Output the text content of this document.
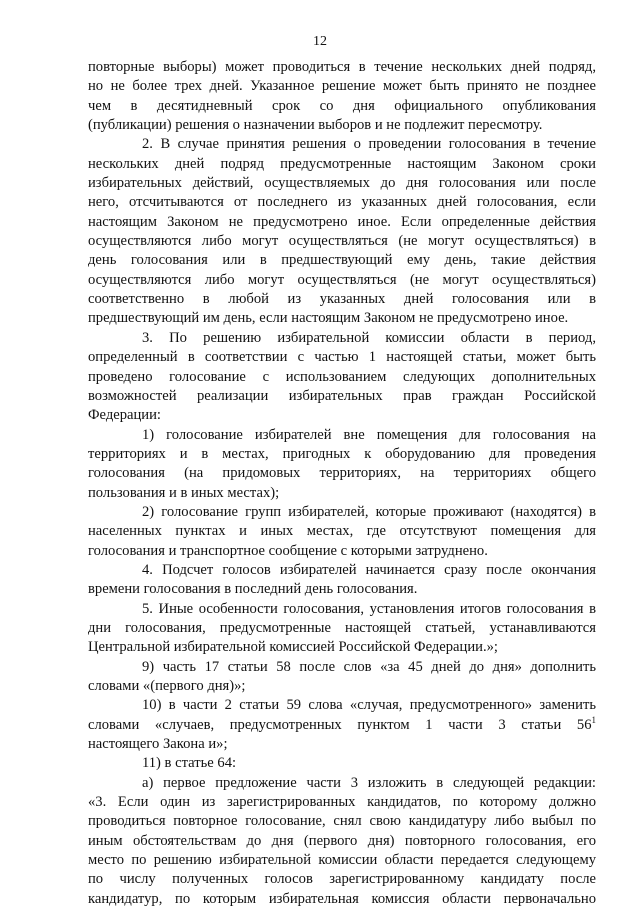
12
повторные выборы) может проводиться в течение нескольких дней подряд,
но не более трех дней. Указанное решение может быть принято не позднее
чем в десятидневный срок со дня официального опубликования
(публикации) решения о назначении выборов и не подлежит пересмотру.
2. В случае принятия решения о проведении голосования в течение
нескольких дней подряд предусмотренные настоящим Законом сроки
избирательных действий, осуществляемых до дня голосования или после
него, отсчитываются от последнего из указанных дней голосования, если
настоящим Законом не предусмотрено иное. Если определенные действия
осуществляются либо могут осуществляться (не могут осуществляться) в
день голосования или в предшествующий ему день, такие действия
осуществляются либо могут осуществляться (не могут осуществляться)
соответственно в любой из указанных дней голосования или в
предшествующий им день, если настоящим Законом не предусмотрено иное.
3. По решению избирательной комиссии области в период,
определенный в соответствии с частью 1 настоящей статьи, может быть
проведено голосование с использованием следующих дополнительных
возможностей реализации избирательных прав граждан Российской
Федерации:
1) голосование избирателей вне помещения для голосования на
территориях и в местах, пригодных к оборудованию для проведения
голосования (на придомовых территориях, на территориях общего
пользования и в иных местах);
2) голосование групп избирателей, которые проживают (находятся) в
населенных пунктах и иных местах, где отсутствуют помещения для
голосования и транспортное сообщение с которыми затруднено.
4. Подсчет голосов избирателей начинается сразу после окончания
времени голосования в последний день голосования.
5. Иные особенности голосования, установления итогов голосования в
дни голосования, предусмотренные настоящей статьей, устанавливаются
Центральной избирательной комиссией Российской Федерации.»;
9) часть 17 статьи 58 после слов «за 45 дней до дня» дополнить
словами «(первого дня)»;
10) в части 2 статьи 59 слова «случая, предусмотренного» заменить
словами «случаев, предусмотренных пунктом 1 части 3 статьи $56^1$
настоящего Закона и»;
11) в статье 64:
а) первое предложение части 3 изложить в следующей редакции:
«3. Если один из зарегистрированных кандидатов, по которому должно
проводиться повторное голосование, снял свою кандидатуру либо выбыл по
иным обстоятельствам до дня (первого дня) повторного голосования, его
место по решению избирательной комиссии области передается следующему
по числу полученных голосов зарегистрированному кандидату после
кандидатур, по которым избирательная комиссия области первоначально
